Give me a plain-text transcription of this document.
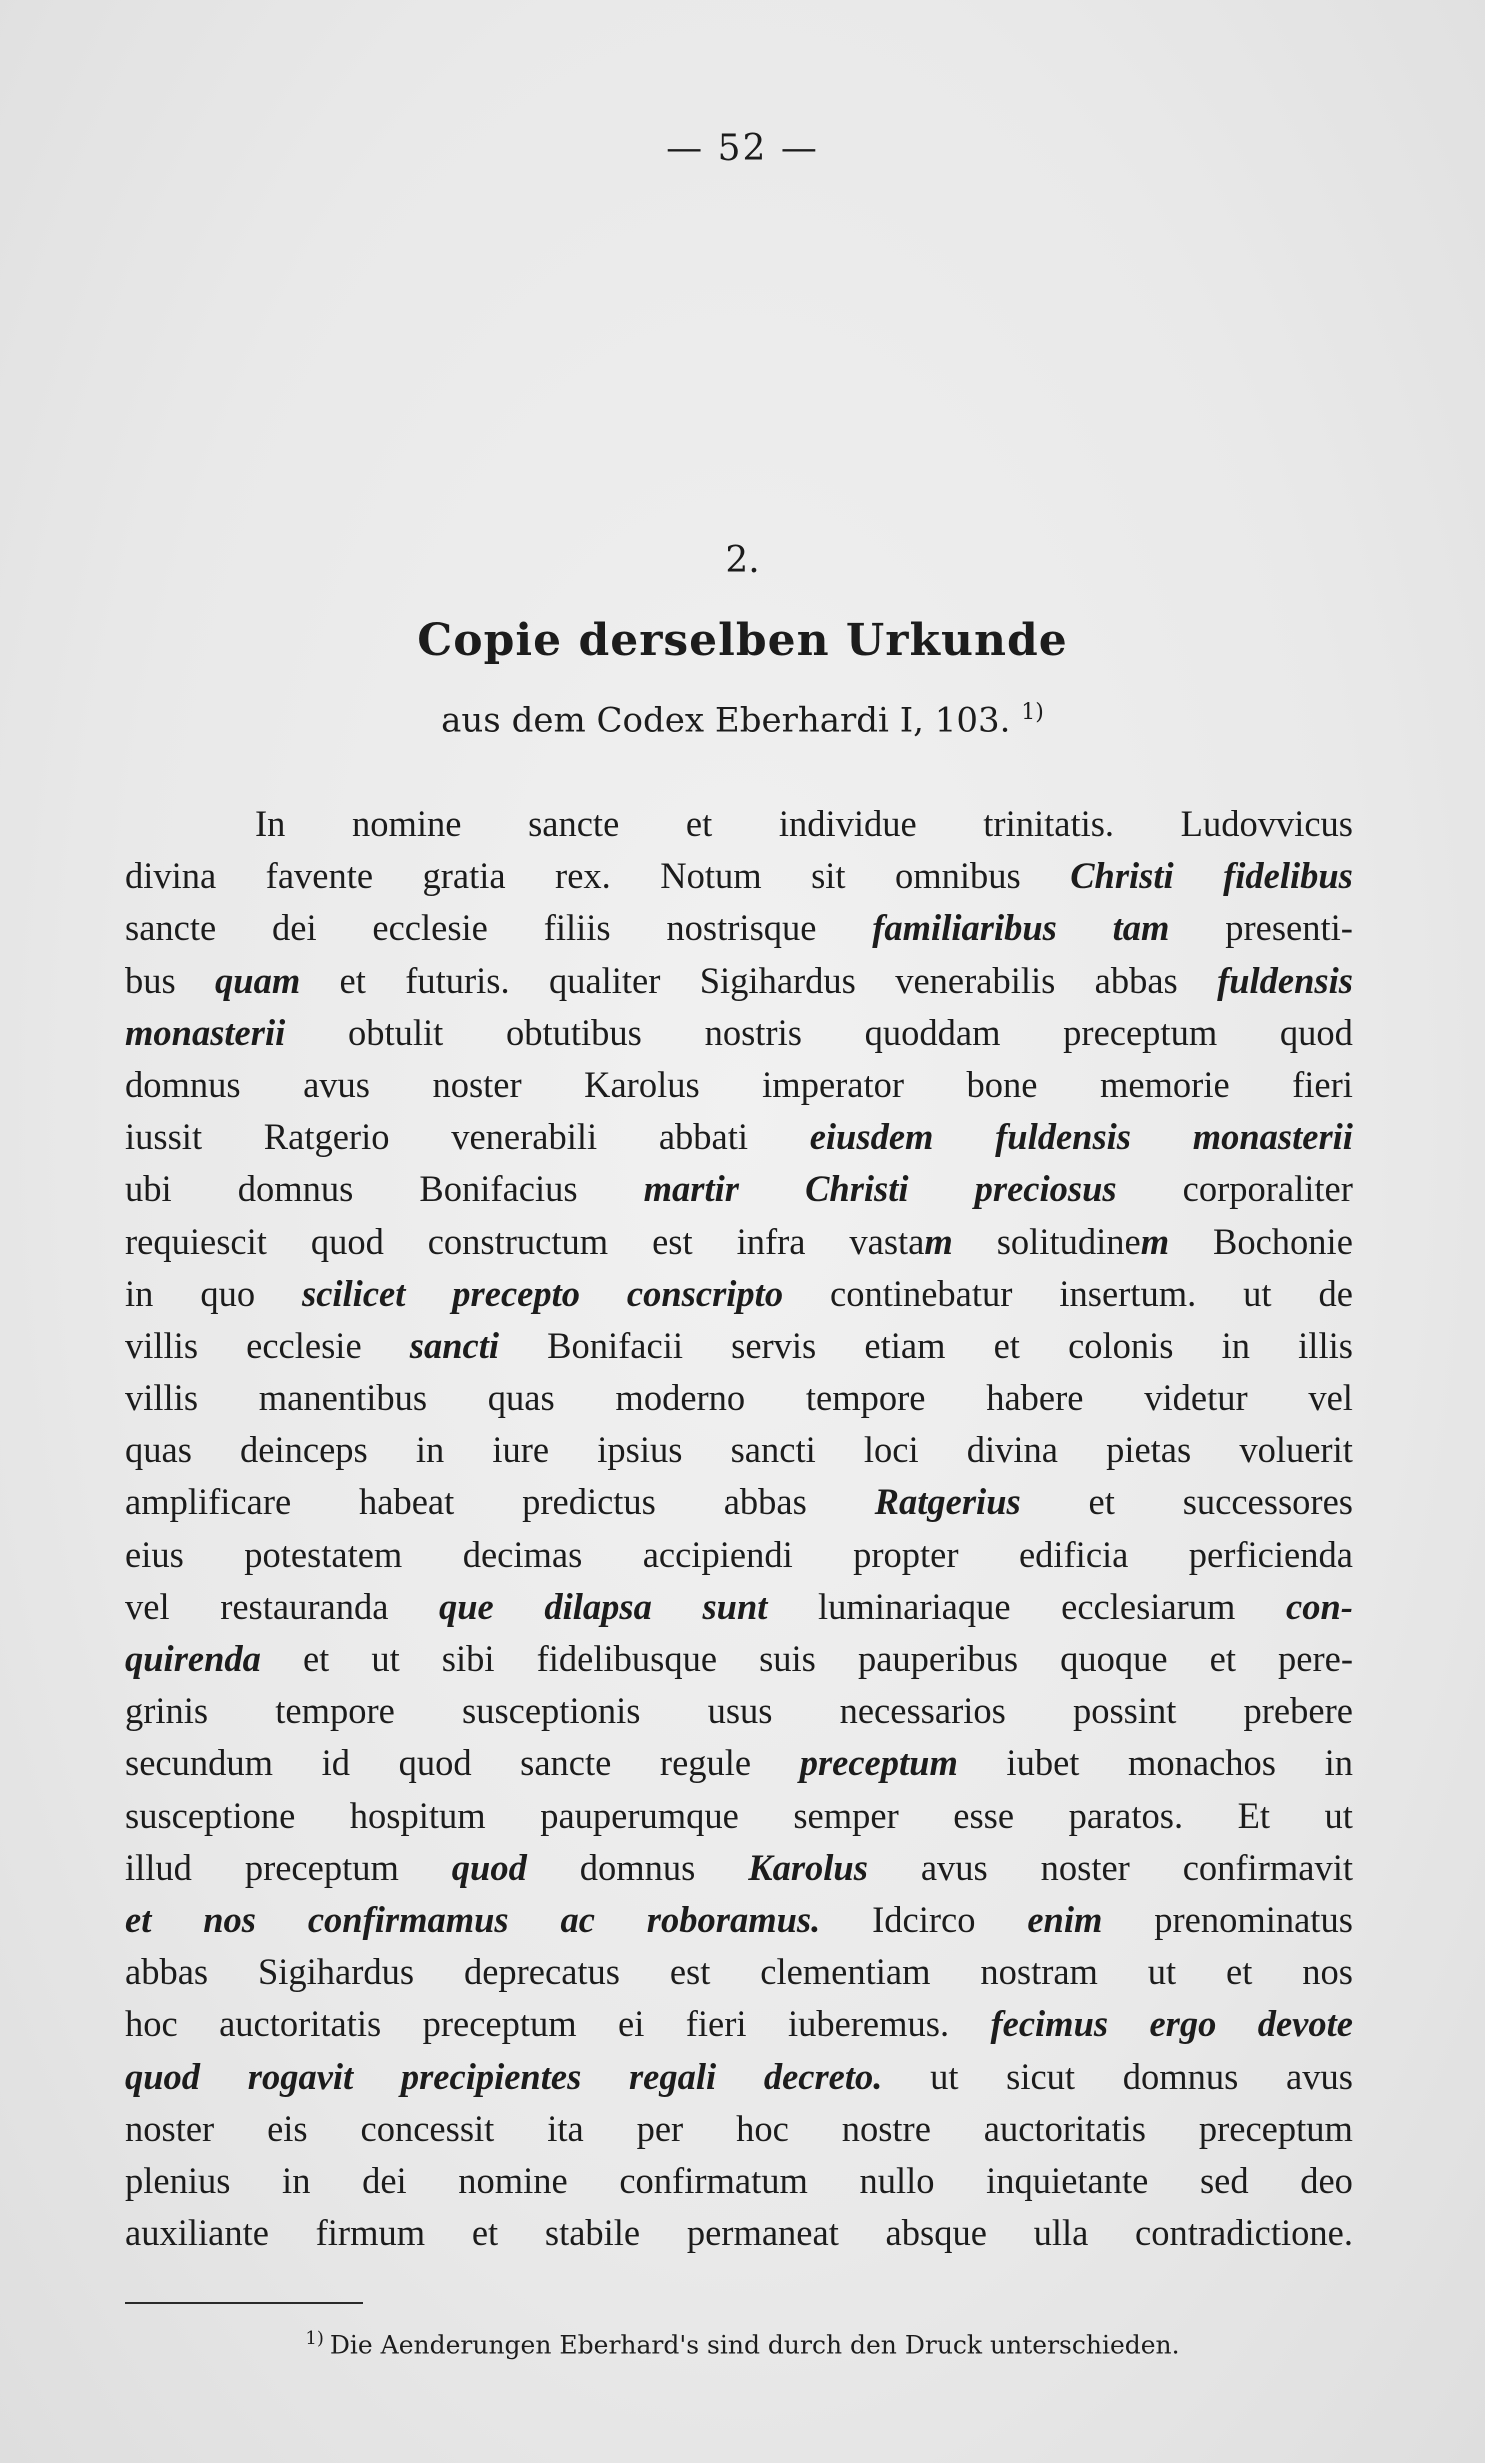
— 52 —
2.
Copie derselben Urkunde
aus dem Codex Eberhardi I, 103. $^{1)}$
In nomine sancte et individue trinitatis. Ludovvicus
divina favente gratia rex. Notum sit omnibus Christi fidelibus
sancte dei ecclesie filiis nostrisque familiaribus tam presenti-
bus quam et futuris. qualiter Sigihardus venerabilis abbas fuldensis
monasterii obtulit obtutibus nostris quoddam preceptum quod
domnus avus noster Karolus imperator bone memorie fieri
iussit Ratgerio venerabili abbati eiusdem fuldensis monasterii
ubi domnus Bonifacius martir Christi preciosus corporaliter
requiescit quod constructum est infra vastam solitudinem Bochonie
in quo scilicet precepto conscripto continebatur insertum. ut de
villis ecclesie sancti Bonifacii servis etiam et colonis in illis
villis manentibus quas moderno tempore habere videtur vel
quas deinceps in iure ipsius sancti loci divina pietas voluerit
amplificare habeat predictus abbas Ratgerius et successores
eius potestatem decimas accipiendi propter edificia perficienda
vel restauranda que dilapsa sunt luminariaque ecclesiarum con-
quirenda et ut sibi fidelibusque suis pauperibus quoque et pere-
grinis tempore susceptionis usus necessarios possint prebere
secundum id quod sancte regule preceptum iubet monachos in
susceptione hospitum pauperumque semper esse paratos. Et ut
illud preceptum quod domnus Karolus avus noster confirmavit
et nos confirmamus ac roboramus. Idcirco enim prenominatus
abbas Sigihardus deprecatus est clementiam nostram ut et nos
hoc auctoritatis preceptum ei fieri iuberemus. fecimus ergo devote
quod rogavit precipientes regali decreto. ut sicut domnus avus
noster eis concessit ita per hoc nostre auctoritatis preceptum
plenius in dei nomine confirmatum nullo inquietante sed deo
auxiliante firmum et stabile permaneat absque ulla contradictione.
$^{1)}$ Die Aenderungen Eberhard's sind durch den Druck unterschieden.
